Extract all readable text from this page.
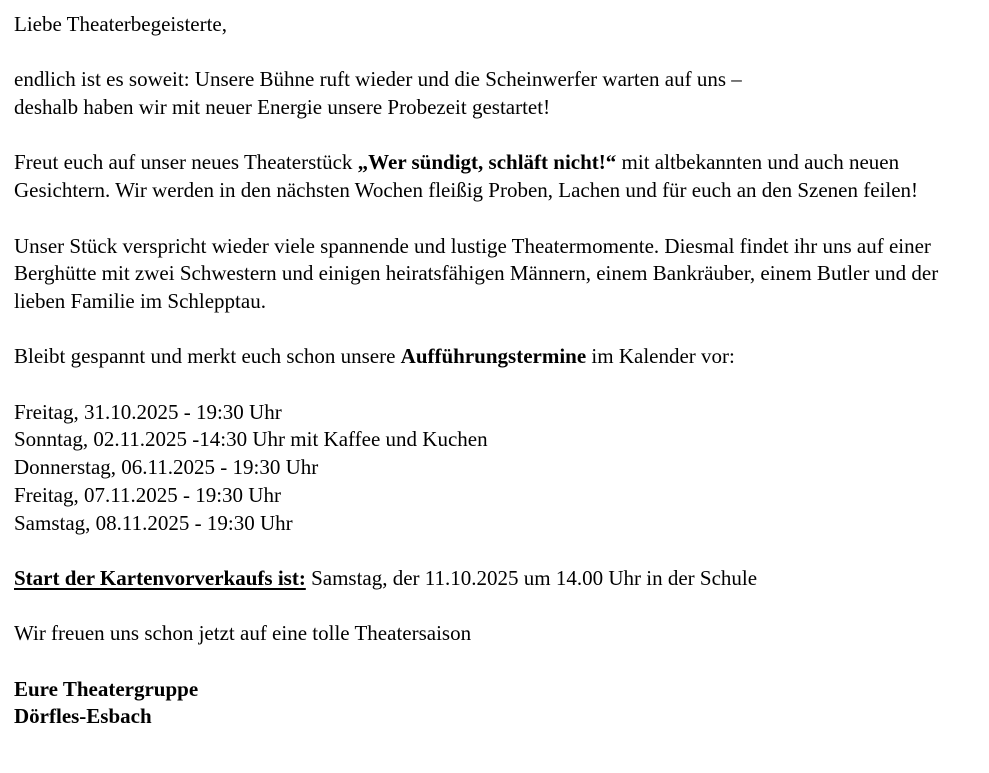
Liebe Theaterbegeisterte,

endlich ist es soweit: Unsere Bühne ruft wieder und die Scheinwerfer warten auf uns –
deshalb haben wir mit neuer Energie unsere Probezeit gestartet!

Freut euch auf unser neues Theaterstück „Wer sündigt, schläft nicht!“ mit altbekannten und auch neuen Gesichtern. Wir werden in den nächsten Wochen fleißig Proben, Lachen und für euch an den Szenen feilen!

Unser Stück verspricht wieder viele spannende und lustige Theatermomente. Diesmal findet ihr uns auf einer Berghütte mit zwei Schwestern und einigen heiratsfähigen Männern, einem Bankräuber, einem Butler und der lieben Familie im Schlepptau.

Bleibt gespannt und merkt euch schon unsere Aufführungstermine im Kalender vor:

Freitag, 31.10.2025 - 19:30 Uhr
Sonntag, 02.11.2025 -14:30 Uhr mit Kaffee und Kuchen
Donnerstag, 06.11.2025 - 19:30 Uhr
Freitag, 07.11.2025 - 19:30 Uhr
Samstag, 08.11.2025 - 19:30 Uhr

Start der Kartenvorverkaufs ist: Samstag, der 11.10.2025 um 14.00 Uhr in der Schule

Wir freuen uns schon jetzt auf eine tolle Theatersaison

Eure Theatergruppe
Dörfles-Esbach
